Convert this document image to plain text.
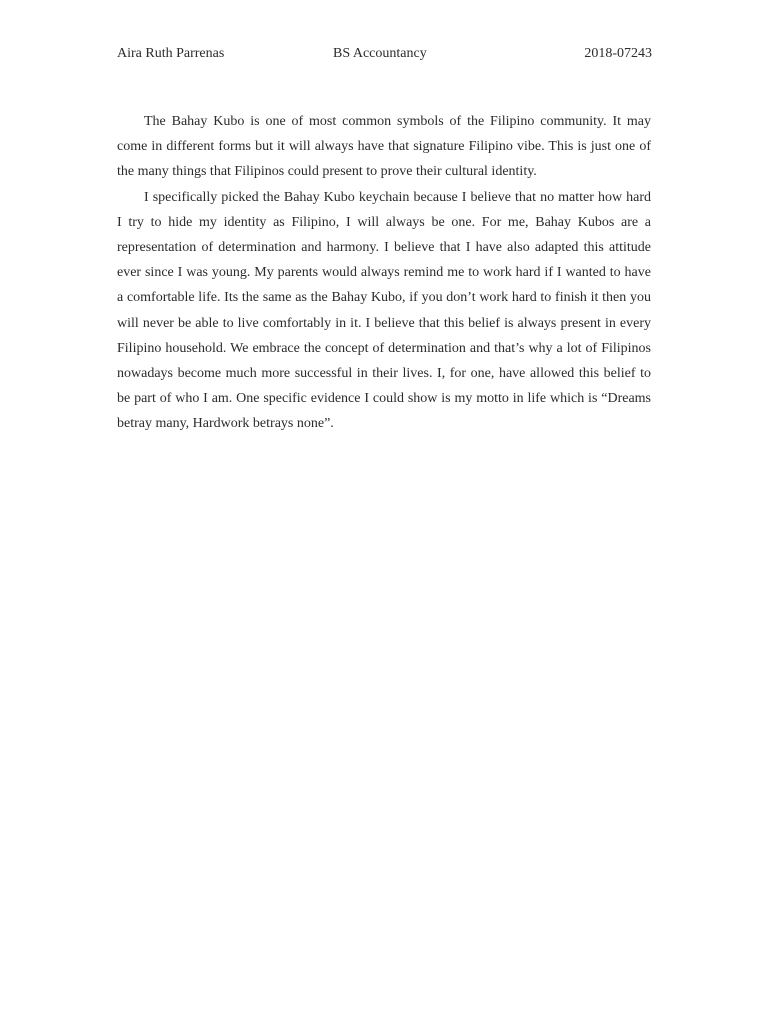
Aira Ruth Parrenas	BS Accountancy	2018-07243

The Bahay Kubo is one of most common symbols of the Filipino community. It may come in different forms but it will always have that signature Filipino vibe. This is just one of the many things that Filipinos could present to prove their cultural identity.

I specifically picked the Bahay Kubo keychain because I believe that no matter how hard I try to hide my identity as Filipino, I will always be one. For me, Bahay Kubos are a representation of determination and harmony. I believe that I have also adapted this attitude ever since I was young. My parents would always remind me to work hard if I wanted to have a comfortable life. Its the same as the Bahay Kubo, if you don’t work hard to finish it then you will never be able to live comfortably in it. I believe that this belief is always present in every Filipino household. We embrace the concept of determination and that’s why a lot of Filipinos nowadays become much more successful in their lives. I, for one, have allowed this belief to be part of who I am. One specific evidence I could show is my motto in life which is “Dreams betray many, Hardwork betrays none”.
